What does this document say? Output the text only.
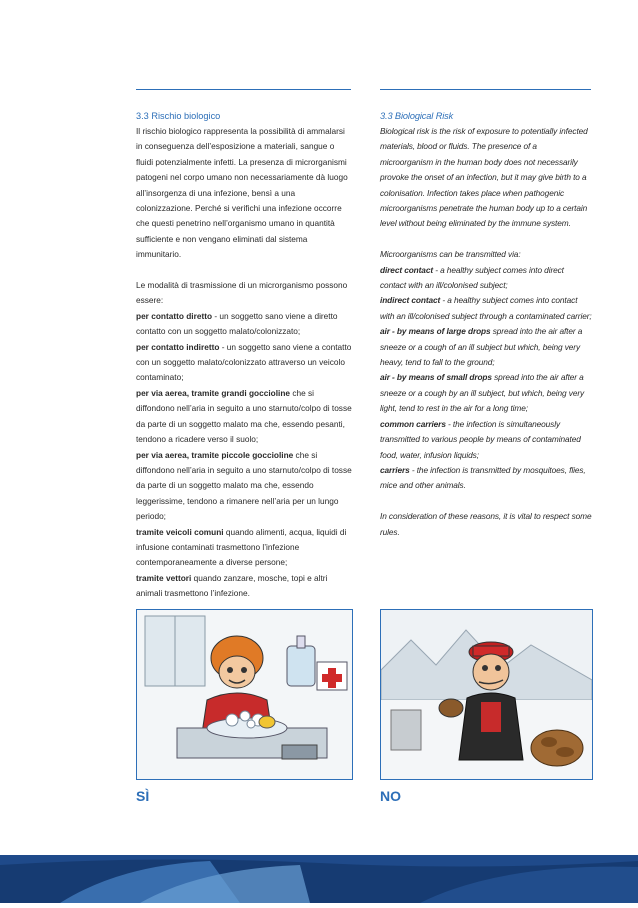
3.3 Rischio biologico

Il rischio biologico rappresenta la possibilità di ammalarsi in conseguenza dell’esposizione a materiali, sangue o fluidi potenzialmente infetti. La presenza di microrganismi patogeni nel corpo umano non necessariamente dà luogo all’insorgenza di una infezione, bensì a una colonizzazione. Perché si verifichi una infezione occorre che questi penetrino nell’organismo umano in quantità sufficiente e non vengano eliminati dal sistema immunitario.

Le modalità di trasmissione di un microrganismo possono essere:

per contatto diretto - un soggetto sano viene a diretto contatto con un soggetto malato/colonizzato;

per contatto indiretto - un soggetto sano viene a contatto con un soggetto malato/colonizzato attraverso un veicolo contaminato;

per via aerea, tramite grandi goccioline che si diffondono nell’aria in seguito a uno starnuto/colpo di tosse da parte di un soggetto malato ma che, essendo pesanti, tendono a ricadere verso il suolo;

per via aerea, tramite piccole goccioline che si diffondono nell’aria in seguito a uno starnuto/colpo di tosse da parte di un soggetto malato ma che, essendo leggerissime, tendono a rimanere nell’aria per un lungo periodo;

tramite veicoli comuni quando alimenti, acqua, liquidi di infusione contaminati trasmettono l’infezione contemporaneamente a diverse persone;

tramite vettori quando zanzare, mosche, topi e altri animali trasmettono l’infezione.

3.3 Biological Risk

Biological risk is the risk of exposure to potentially infected materials, blood or fluids. The presence of a microorganism in the human body does not necessarily provoke the onset of an infection, but it may give birth to a colonisation. Infection takes place when pathogenic microorganisms penetrate the human body up to a certain level without being eliminated by the immune system.

Microorganisms can be transmitted via:

direct contact - a healthy subject comes into direct contact with an ill/colonised subject;

indirect contact - a healthy subject comes into contact with an ill/colonised subject through a contaminated carrier;

air - by means of large drops spread into the air after a sneeze or a cough of an ill subject but which, being very heavy, tend to fall to the ground;

air - by means of small drops spread into the air after a sneeze or a cough by an ill subject, but which, being very light, tend to rest in the air for a long time;

common carriers - the infection is simultaneously transmitted to various people by means of contaminated food, water, infusion liquids;

carriers - the infection is transmitted by mosquitoes, flies, mice and other animals.

In consideration of these reasons, it is vital to respect some rules.

SÌ	NO
